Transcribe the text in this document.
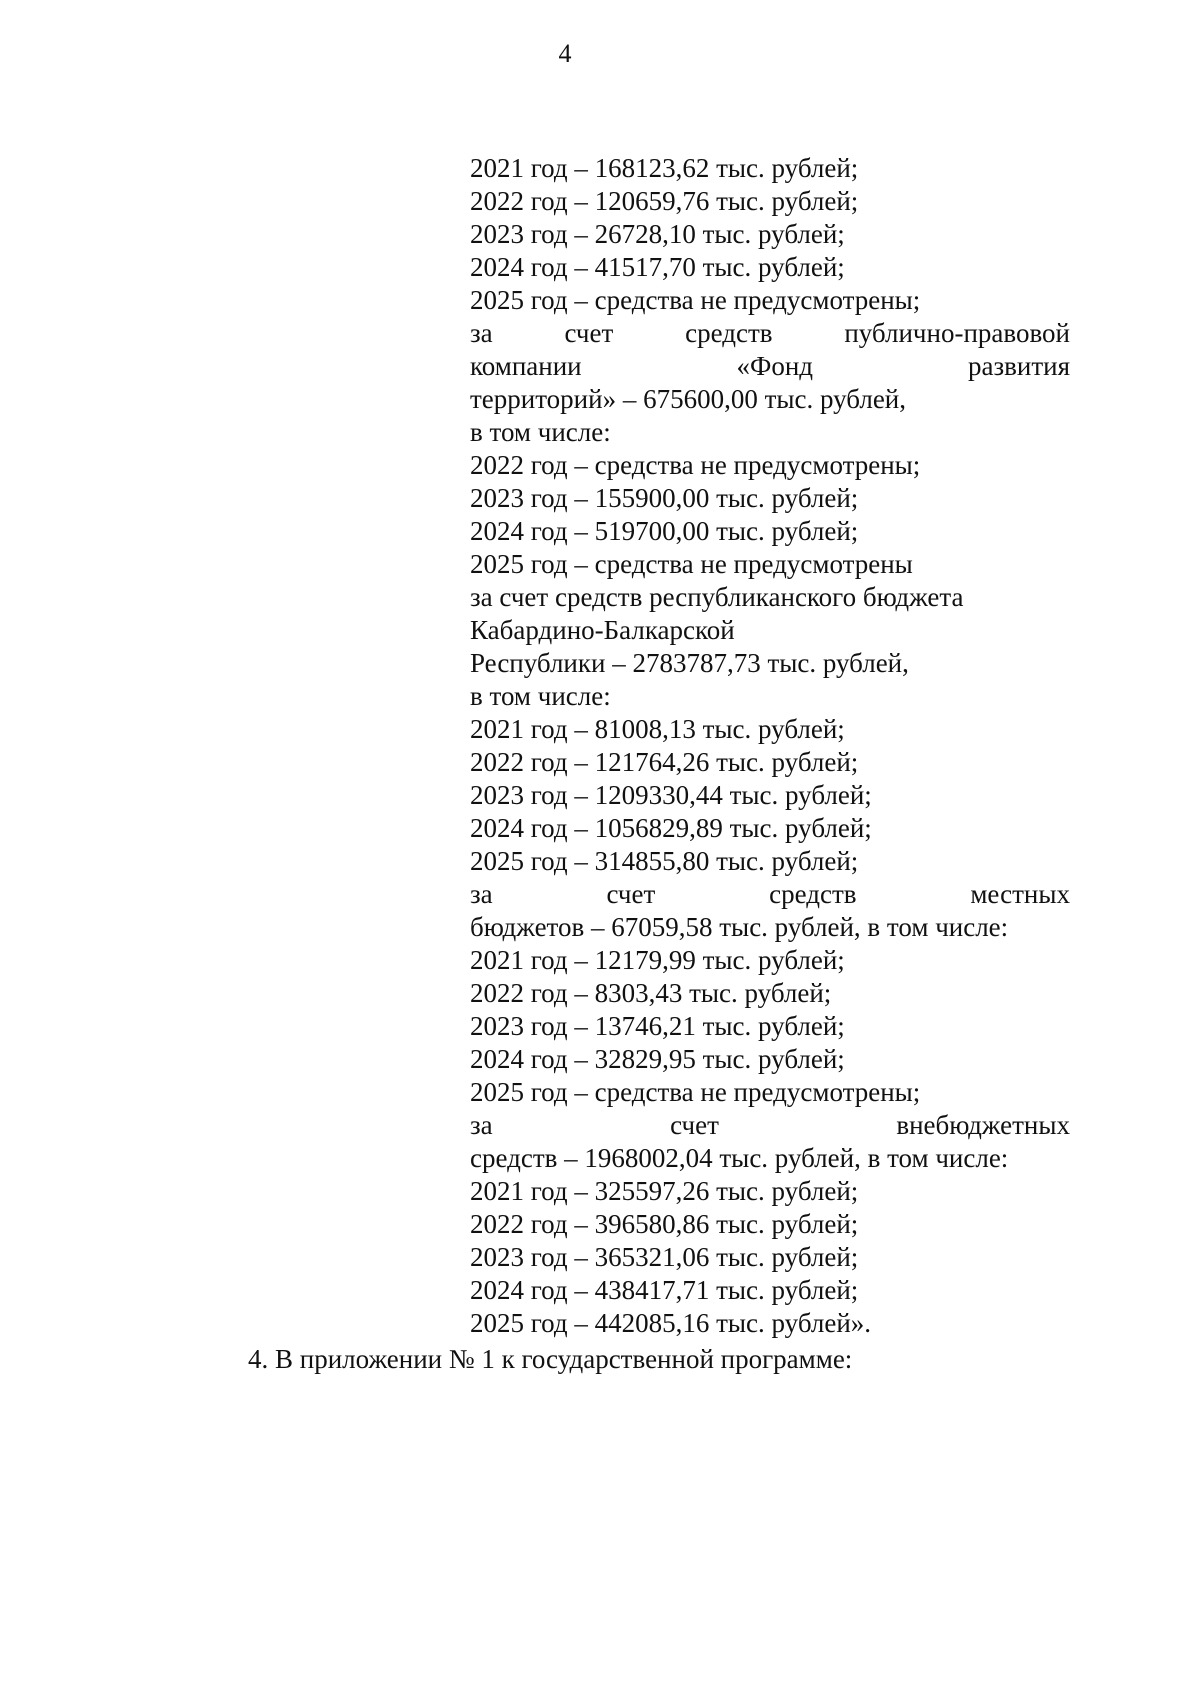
4
2021 год – 168123,62 тыс. рублей;
2022 год – 120659,76 тыс. рублей;
2023 год – 26728,10 тыс. рублей;
2024 год – 41517,70 тыс. рублей;
2025 год – средства не предусмотрены;
за	счет	средств	публично-правовой
компании	«Фонд	развития
территорий» – 675600,00 тыс. рублей,
в том числе:
2022 год – средства не предусмотрены;
2023 год – 155900,00 тыс. рублей;
2024 год – 519700,00 тыс. рублей;
2025 год – средства не предусмотрены
за счет средств республиканского бюджета
Кабардино-Балкарской
Республики – 2783787,73 тыс. рублей,
в том числе:
2021 год – 81008,13 тыс. рублей;
2022 год – 121764,26 тыс. рублей;
2023 год – 1209330,44 тыс. рублей;
2024 год – 1056829,89 тыс. рублей;
2025 год – 314855,80 тыс. рублей;
за	счет	средств	местных
бюджетов – 67059,58 тыс. рублей, в том числе:
2021 год – 12179,99 тыс. рублей;
2022 год – 8303,43 тыс. рублей;
2023 год – 13746,21 тыс. рублей;
2024 год – 32829,95 тыс. рублей;
2025 год – средства не предусмотрены;
за	счет	внебюджетных
средств – 1968002,04 тыс. рублей, в том числе:
2021 год – 325597,26 тыс. рублей;
2022 год – 396580,86 тыс. рублей;
2023 год – 365321,06 тыс. рублей;
2024 год – 438417,71 тыс. рублей;
2025 год – 442085,16 тыс. рублей».
4. В приложении № 1 к государственной программе:
